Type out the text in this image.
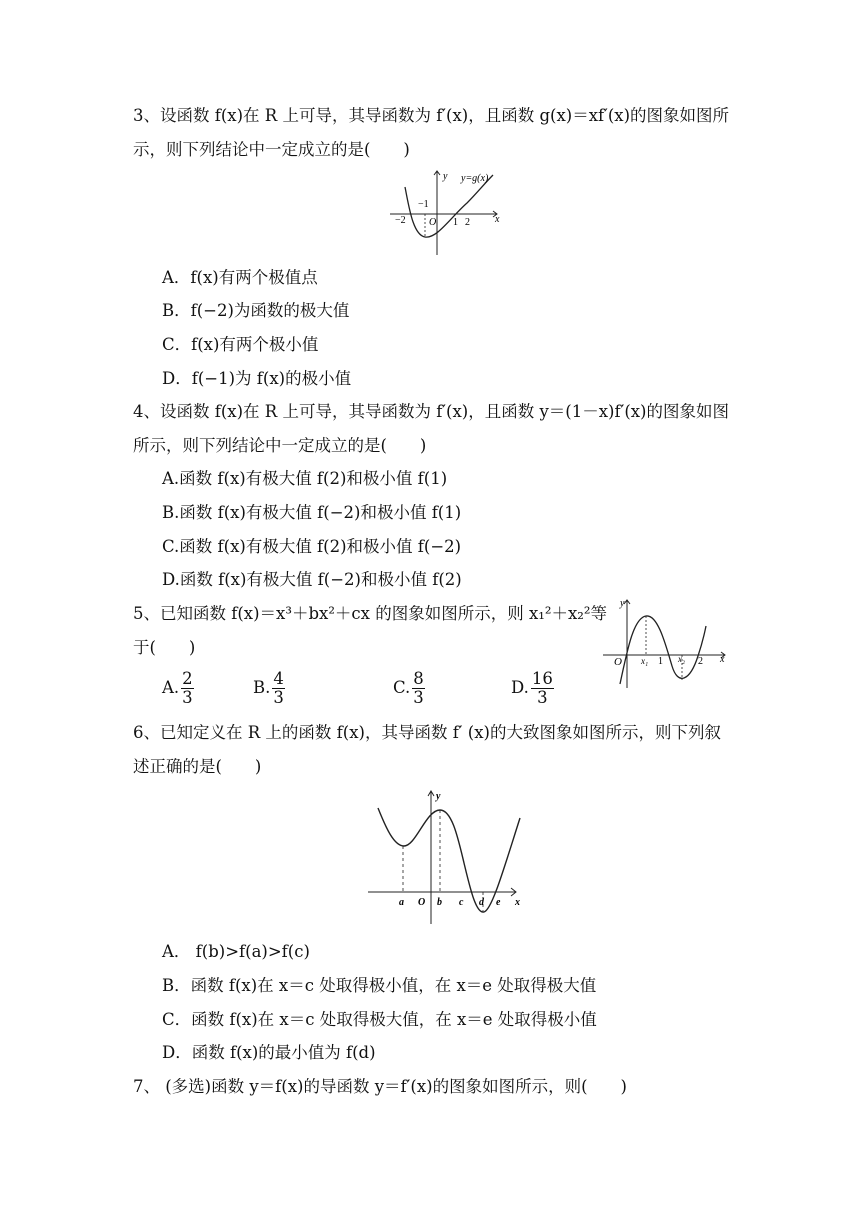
3、设函数 f(x)在 R 上可导，其导函数为 f′(x)，且函数 g(x)＝xf′(x)的图象如图所
示，则下列结论中一定成立的是(　　)
y y=g(x)
x
−2
−1
O 1 2
A．f(x)有两个极值点
B．f(−2)为函数的极大值
C．f(x)有两个极小值
D．f(−1)为 f(x)的极小值
4、设函数 f(x)在 R 上可导，其导函数为 f′(x)，且函数 y＝(1－x)f′(x)的图象如图
所示，则下列结论中一定成立的是(　　)
A.函数 f(x)有极大值 f(2)和极小值 f(1)
B.函数 f(x)有极大值 f(−2)和极小值 f(1)
C.函数 f(x)有极大值 f(2)和极小值 f(−2)
D.函数 f(x)有极大值 f(−2)和极小值 f(2)
5、已知函数 f(x)＝x³＋bx²＋cx 的图象如图所示，则 x₁²＋x₂²等
于(　　)
A. $\frac{2}{3}$	B. $\frac{4}{3}$	C. $\frac{8}{3}$	D. $\frac{16}{3}$
y
x
O x₁ 1 x₂ 2
6、已知定义在 R 上的函数 f(x)，其导函数 f′ (x)的大致图象如图所示，则下列叙
述正确的是(　　)
y
x
a O b c d e
A． f(b)>f(a)>f(c)
B．函数 f(x)在 x＝c 处取得极小值，在 x＝e 处取得极大值
C．函数 f(x)在 x＝c 处取得极大值，在 x＝e 处取得极小值
D．函数 f(x)的最小值为 f(d)
7、 (多选)函数 y＝f(x)的导函数 y＝f′(x)的图象如图所示，则(　　)
